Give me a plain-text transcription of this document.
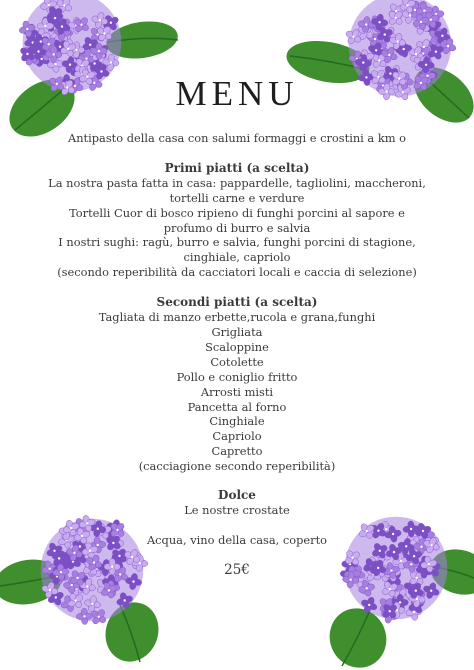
MENU

Antipasto della casa con salumi formaggi e crostini a km o

Primi piatti (a scelta)

La nostra pasta fatta in casa: pappardelle, tagliolini, maccheroni,

tortelli carne e verdure

Tortelli Cuor di bosco ripieno di funghi porcini al sapore e

profumo di burro e salvia

I nostri sughi: ragù, burro e salvia, funghi porcini di stagione,

cinghiale, capriolo

(secondo reperibilità da cacciatori locali e caccia di selezione)

Secondi piatti (a scelta)

Tagliata di manzo erbette,rucola e grana,funghi

Grigliata

Scaloppine

Cotolette

Pollo e coniglio fritto

Arrosti misti

Pancetta al forno

Cinghiale

Capriolo

Capretto

(cacciagione secondo reperibilità)

Dolce

Le nostre crostate

Acqua, vino della casa, coperto

25€
